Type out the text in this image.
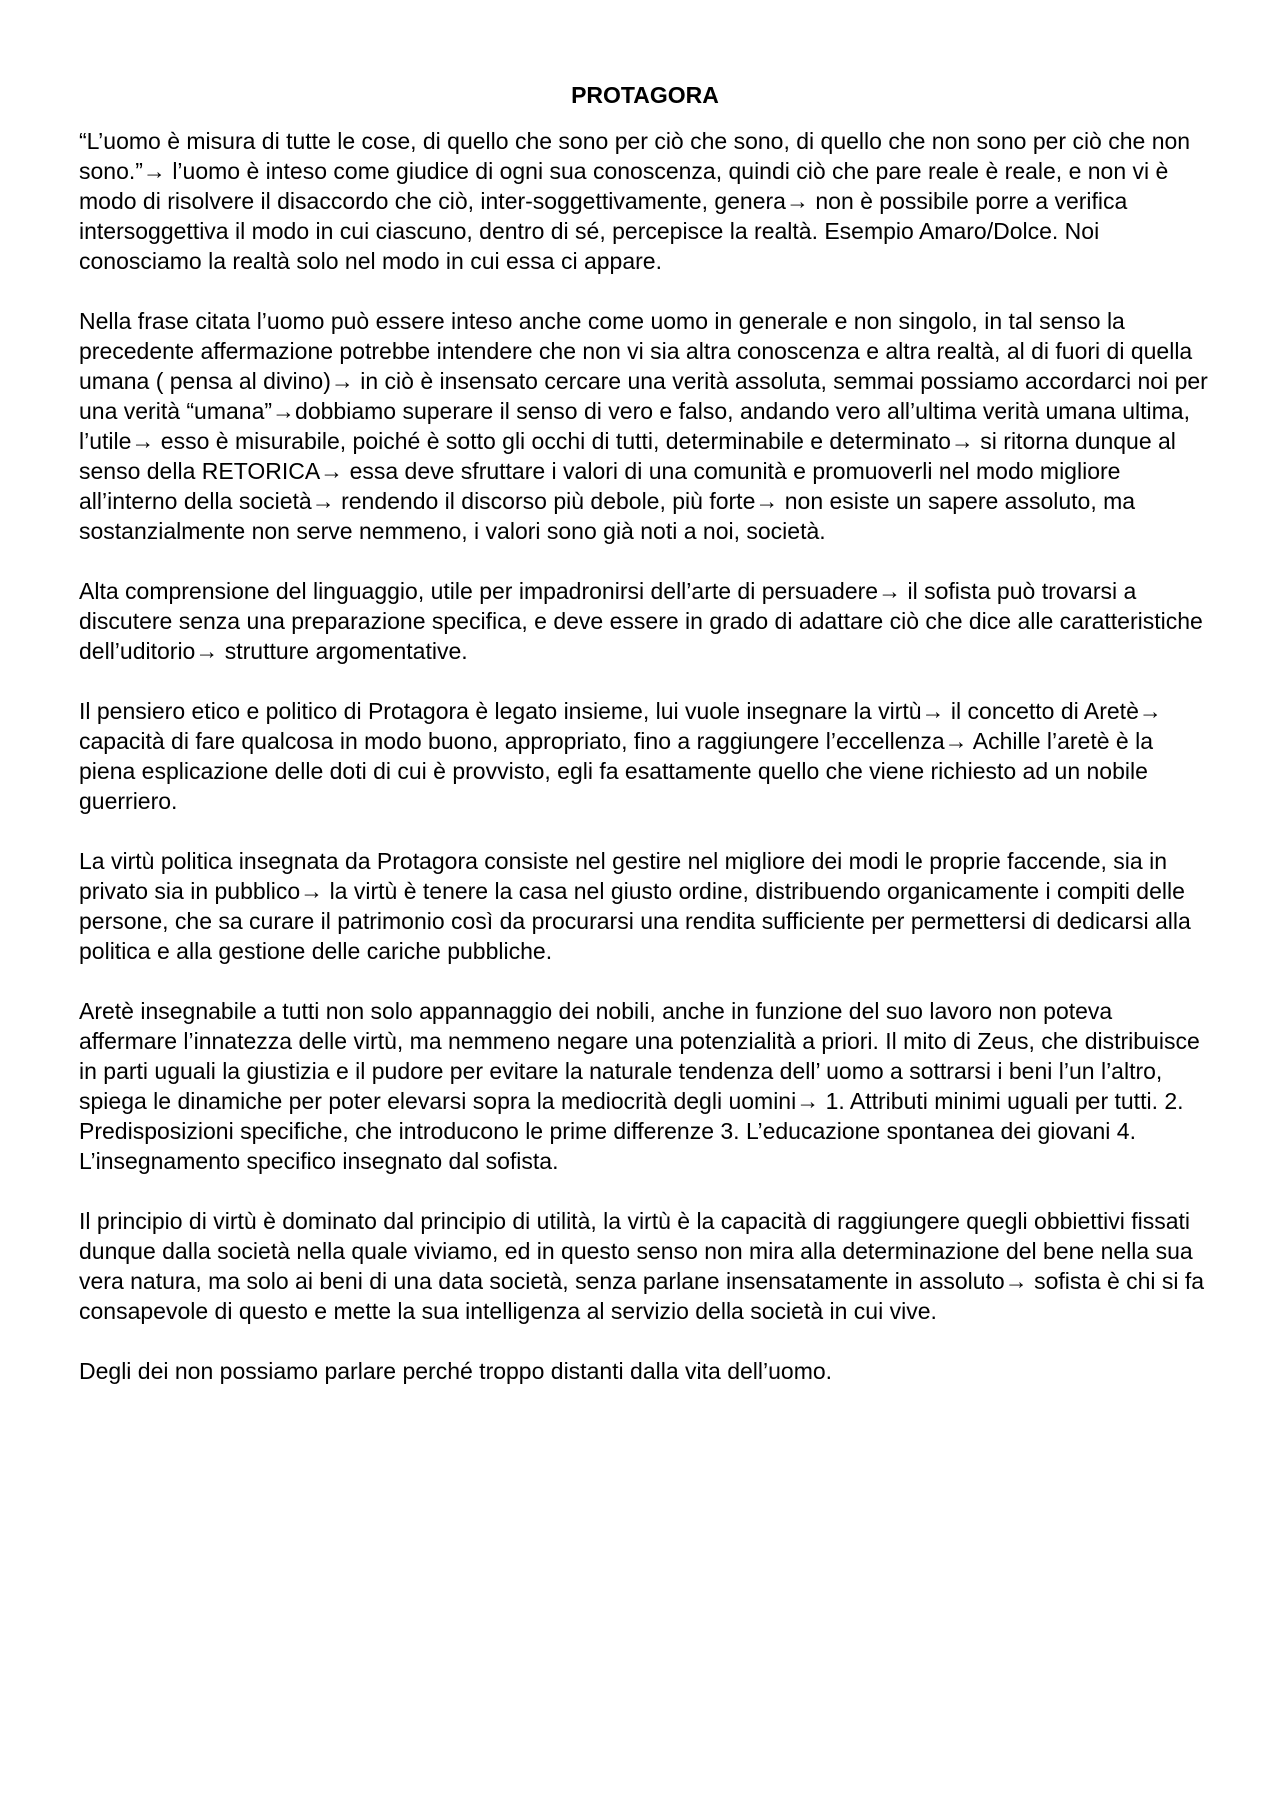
PROTAGORA

“L’uomo è misura di tutte le cose, di quello che sono per ciò che sono, di quello che non sono per ciò che non sono.”→ l’uomo è inteso come giudice di ogni sua conoscenza, quindi ciò che pare reale è reale, e non vi è modo di risolvere il disaccordo che ciò, inter-soggettivamente, genera→ non è possibile porre a verifica intersoggettiva il modo in cui ciascuno, dentro di sé, percepisce la realtà. Esempio Amaro/Dolce. Noi conosciamo la realtà solo nel modo in cui essa ci appare.

Nella frase citata l’uomo può essere inteso anche come uomo in generale e non singolo, in tal senso la precedente affermazione potrebbe intendere che non vi sia altra conoscenza e altra realtà, al di fuori di quella umana ( pensa al divino)→ in ciò è insensato cercare una verità assoluta, semmai possiamo accordarci noi per una verità “umana”→dobbiamo superare il senso di vero e falso, andando vero all’ultima verità umana ultima, l’utile→ esso è misurabile, poiché è sotto gli occhi di tutti, determinabile e determinato→ si ritorna dunque al senso della RETORICA→ essa deve sfruttare i valori di una comunità e promuoverli nel modo migliore all’interno della società→ rendendo il discorso più debole, più forte→ non esiste un sapere assoluto, ma sostanzialmente non serve nemmeno, i valori sono già noti a noi, società.

Alta comprensione del linguaggio, utile per impadronirsi dell’arte di persuadere→ il sofista può trovarsi a discutere senza una preparazione specifica, e deve essere in grado di adattare ciò che dice alle caratteristiche dell’uditorio→ strutture argomentative.

Il pensiero etico e politico di Protagora è legato insieme, lui vuole insegnare la virtù→ il concetto di Aretè→ capacità di fare qualcosa in modo buono, appropriato, fino a raggiungere l’eccellenza→ Achille l’aretè è la piena esplicazione delle doti di cui è provvisto, egli fa esattamente quello che viene richiesto ad un nobile guerriero.

La virtù politica insegnata da Protagora consiste nel gestire nel migliore dei modi le proprie faccende, sia in privato sia in pubblico→ la virtù è tenere la casa nel giusto ordine, distribuendo organicamente i compiti delle persone, che sa curare il patrimonio così da procurarsi una rendita sufficiente per permettersi di dedicarsi alla politica e alla gestione delle cariche pubbliche.

Aretè insegnabile a tutti non solo appannaggio dei nobili, anche in funzione del suo lavoro non poteva affermare l’innatezza delle virtù, ma nemmeno negare una potenzialità a priori. Il mito di Zeus, che distribuisce in parti uguali la giustizia e il pudore per evitare la naturale tendenza dell’ uomo a sottrarsi i beni l’un l’altro, spiega le dinamiche per poter elevarsi sopra la mediocrità degli uomini→ 1. Attributi minimi uguali per tutti. 2. Predisposizioni specifiche, che introducono le prime differenze 3. L’educazione spontanea dei giovani 4. L’insegnamento specifico insegnato dal sofista.

Il principio di virtù è dominato dal principio di utilità, la virtù è la capacità di raggiungere quegli obbiettivi fissati dunque dalla società nella quale viviamo, ed in questo senso non mira alla determinazione del bene nella sua vera natura, ma solo ai beni di una data società, senza parlane insensatamente in assoluto→ sofista è chi si fa consapevole di questo e mette la sua intelligenza al servizio della società in cui vive.

Degli dei non possiamo parlare perché troppo distanti dalla vita dell’uomo.
